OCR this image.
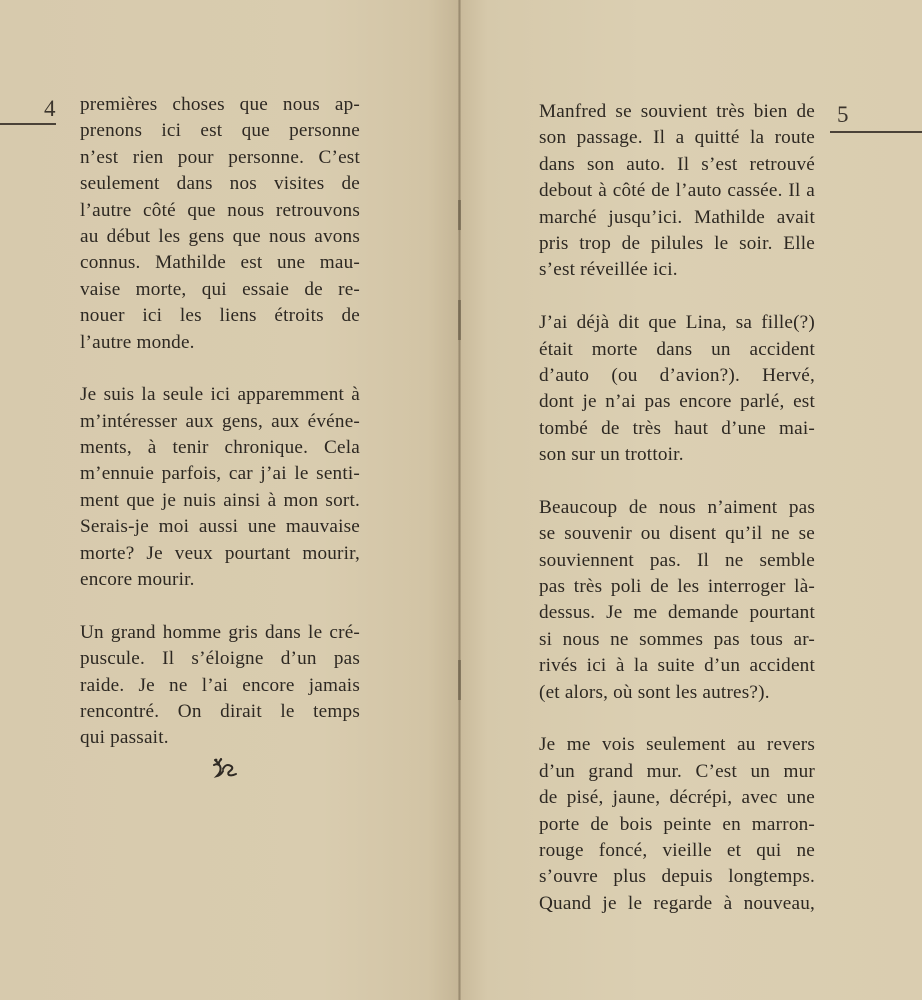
4 premières choses que nous ap-
prenons ici est que personne
n’est rien pour personne. C’est
seulement dans nos visites de
l’autre côté que nous retrouvons
au début les gens que nous avons
connus. Mathilde est une mau-
vaise morte, qui essaie de re-
nouer ici les liens étroits de
l’autre monde.
Je suis la seule ici apparemment à
m’intéresser aux gens, aux événe-
ments, à tenir chronique. Cela
m’ennuie parfois, car j’ai le senti-
ment que je nuis ainsi à mon sort.
Serais-je moi aussi une mauvaise
morte? Je veux pourtant mourir,
encore mourir.
Un grand homme gris dans le cré-
puscule. Il s’éloigne d’un pas
raide. Je ne l’ai encore jamais
rencontré. On dirait le temps
qui passait.
5
Manfred se souvient très bien de
son passage. Il a quitté la route
dans son auto. Il s’est retrouvé
debout à côté de l’auto cassée. Il a
marché jusqu’ici. Mathilde avait
pris trop de pilules le soir. Elle
s’est réveillée ici.
J’ai déjà dit que Lina, sa fille(?)
était morte dans un accident
d’auto (ou d’avion?). Hervé,
dont je n’ai pas encore parlé, est
tombé de très haut d’une mai-
son sur un trottoir.
Beaucoup de nous n’aiment pas
se souvenir ou disent qu’il ne se
souviennent pas. Il ne semble
pas très poli de les interroger là-
dessus. Je me demande pourtant
si nous ne sommes pas tous ar-
rivés ici à la suite d’un accident
(et alors, où sont les autres?).
Je me vois seulement au revers
d’un grand mur. C’est un mur
de pisé, jaune, décrépi, avec une
porte de bois peinte en marron-
rouge foncé, vieille et qui ne
s’ouvre plus depuis longtemps.
Quand je le regarde à nouveau,
